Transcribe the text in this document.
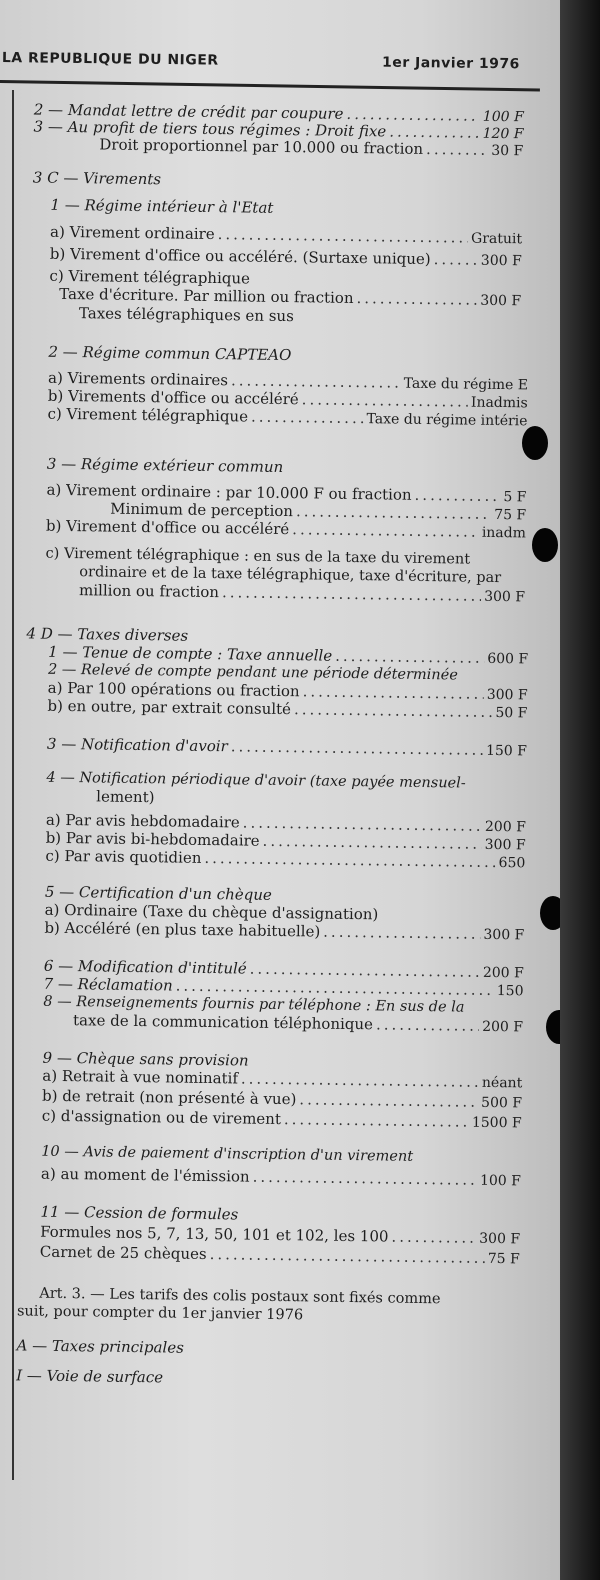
LA REPUBLIQUE DU NIGER	1er Janvier 1976
2 — Mandat lettre de crédit par coupure .....	100 F
3 — Au profit de tiers tous régimes : Droit fixe .....	120 F
Droit proportionnel par 10.000 ou fraction .....	30 F
3 C — Virements
1 — Régime intérieur à l'Etat
a) Virement ordinaire .....	Gratuit
b) Virement d'office ou accéléré. (Surtaxe unique) .....	300 F
c) Virement télégraphique
Taxe d'écriture. Par million ou fraction .....	300 F
Taxes télégraphiques en sus
2 — Régime commun CAPTEAO
a) Virements ordinaires .....	Taxe du régime E
b) Virements d'office ou accéléré .....	Inadmis
c) Virement télégraphique .....	Taxe du régime intérie
3 — Régime extérieur commun
a) Virement ordinaire : par 10.000 F ou fraction .....	5 F
Minimum de perception .....	75 F
b) Virement d'office ou accéléré .....	inadm
c) Virement télégraphique : en sus de la taxe du virement
ordinaire et de la taxe télégraphique, taxe d'écriture, par
million ou fraction .....	300 F
4 D — Taxes diverses
1 — Tenue de compte : Taxe annuelle .....	600 F
2 — Relevé de compte pendant une période déterminée
a) Par 100 opérations ou fraction .....	300 F
b) en outre, par extrait consulté .....	50 F
3 — Notification d'avoir .....	150 F
4 — Notification périodique d'avoir (taxe payée mensuel-
lement)
a) Par avis hebdomadaire .....	200 F
b) Par avis bi-hebdomadaire .....	300 F
c) Par avis quotidien .....	650
5 — Certification d'un chèque
a) Ordinaire (Taxe du chèque d'assignation)
b) Accéléré (en plus taxe habituelle) .....	300 F
6 — Modification d'intitulé .....	200 F
7 — Réclamation .....	150
8 — Renseignements fournis par téléphone : En sus de la
taxe de la communication téléphonique .....	200 F
9 — Chèque sans provision
a) Retrait à vue nominatif .....	néant
b) de retrait (non présenté à vue) .....	500 F
c) d'assignation ou de virement .....	1500 F
10 — Avis de paiement d'inscription d'un virement
a) au moment de l'émission .....	100 F
11 — Cession de formules
Formules nos 5, 7, 13, 50, 101 et 102, les 100 .....	300 F
Carnet de 25 chèques .....	75 F
Art. 3. — Les tarifs des colis postaux sont fixés comme
suit, pour compter du 1er janvier 1976
A — Taxes principales
I — Voie de surface
